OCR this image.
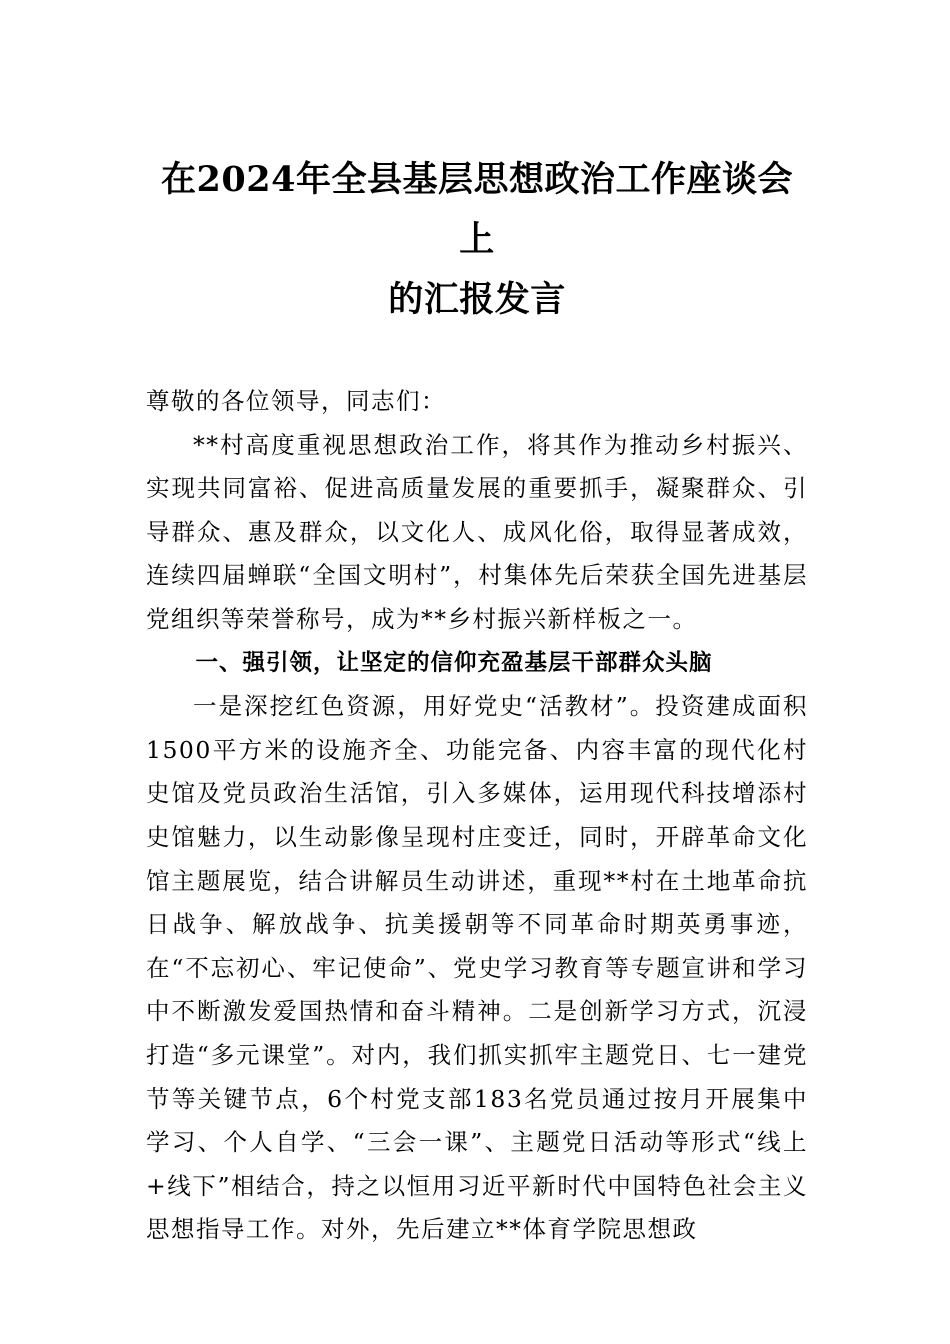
在2024年全县基层思想政治工作座谈会上
的汇报发言

尊敬的各位领导，同志们：

**村高度重视思想政治工作，将其作为推动乡村振兴、实现共同富裕、促进高质量发展的重要抓手，凝聚群众、引导群众、惠及群众，以文化人、成风化俗，取得显著成效，连续四届蝉联“全国文明村”，村集体先后荣获全国先进基层党组织等荣誉称号，成为**乡村振兴新样板之一。

一、强引领，让坚定的信仰充盈基层干部群众头脑

一是深挖红色资源，用好党史“活教材”。投资建成面积1500平方米的设施齐全、功能完备、内容丰富的现代化村史馆及党员政治生活馆，引入多媒体，运用现代科技增添村史馆魅力，以生动影像呈现村庄变迁，同时，开辟革命文化馆主题展览，结合讲解员生动讲述，重现**村在土地革命抗日战争、解放战争、抗美援朝等不同革命时期英勇事迹，在“不忘初心、牢记使命”、党史学习教育等专题宣讲和学习中不断激发爱国热情和奋斗精神。二是创新学习方式，沉浸打造“多元课堂”。对内，我们抓实抓牢主题党日、七一建党节等关键节点，6个村党支部183名党员通过按月开展集中学习、个人自学、“三会一课”、主题党日活动等形式“线上+线下”相结合，持之以恒用习近平新时代中国特色社会主义思想指导工作。对外，先后建立**体育学院思想政
